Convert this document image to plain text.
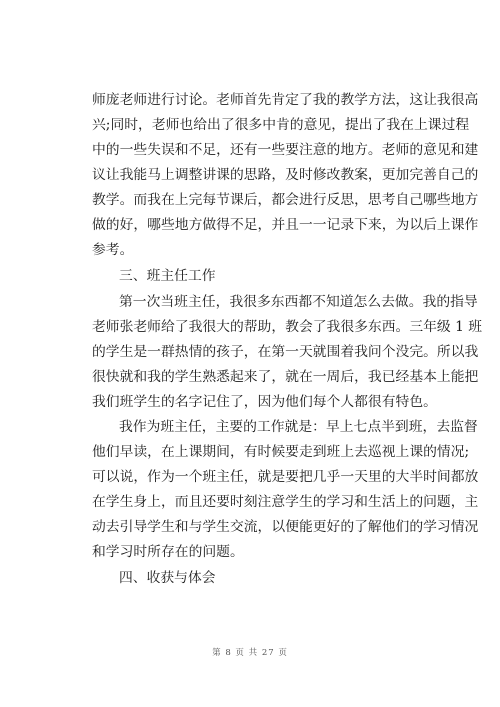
师庞老师进行讨论。老师首先肯定了我的教学方法，这让我很高
兴;同时，老师也给出了很多中肯的意见，提出了我在上课过程
中的一些失误和不足，还有一些要注意的地方。老师的意见和建
议让我能马上调整讲课的思路，及时修改教案，更加完善自己的
教学。而我在上完每节课后，都会进行反思，思考自己哪些地方
做的好，哪些地方做得不足，并且一一记录下来，为以后上课作
参考。
三、班主任工作
第一次当班主任，我很多东西都不知道怎么去做。我的指导
老师张老师给了我很大的帮助，教会了我很多东西。三年级 1 班
的学生是一群热情的孩子，在第一天就围着我问个没完。所以我
很快就和我的学生熟悉起来了，就在一周后，我已经基本上能把
我们班学生的名字记住了，因为他们每个人都很有特色。
我作为班主任，主要的工作就是：早上七点半到班，去监督
他们早读，在上课期间，有时候要走到班上去巡视上课的情况;
可以说，作为一个班主任，就是要把几乎一天里的大半时间都放
在学生身上，而且还要时刻注意学生的学习和生活上的问题，主
动去引导学生和与学生交流，以便能更好的了解他们的学习情况
和学习时所存在的问题。
四、收获与体会
第 8 页 共 27 页
